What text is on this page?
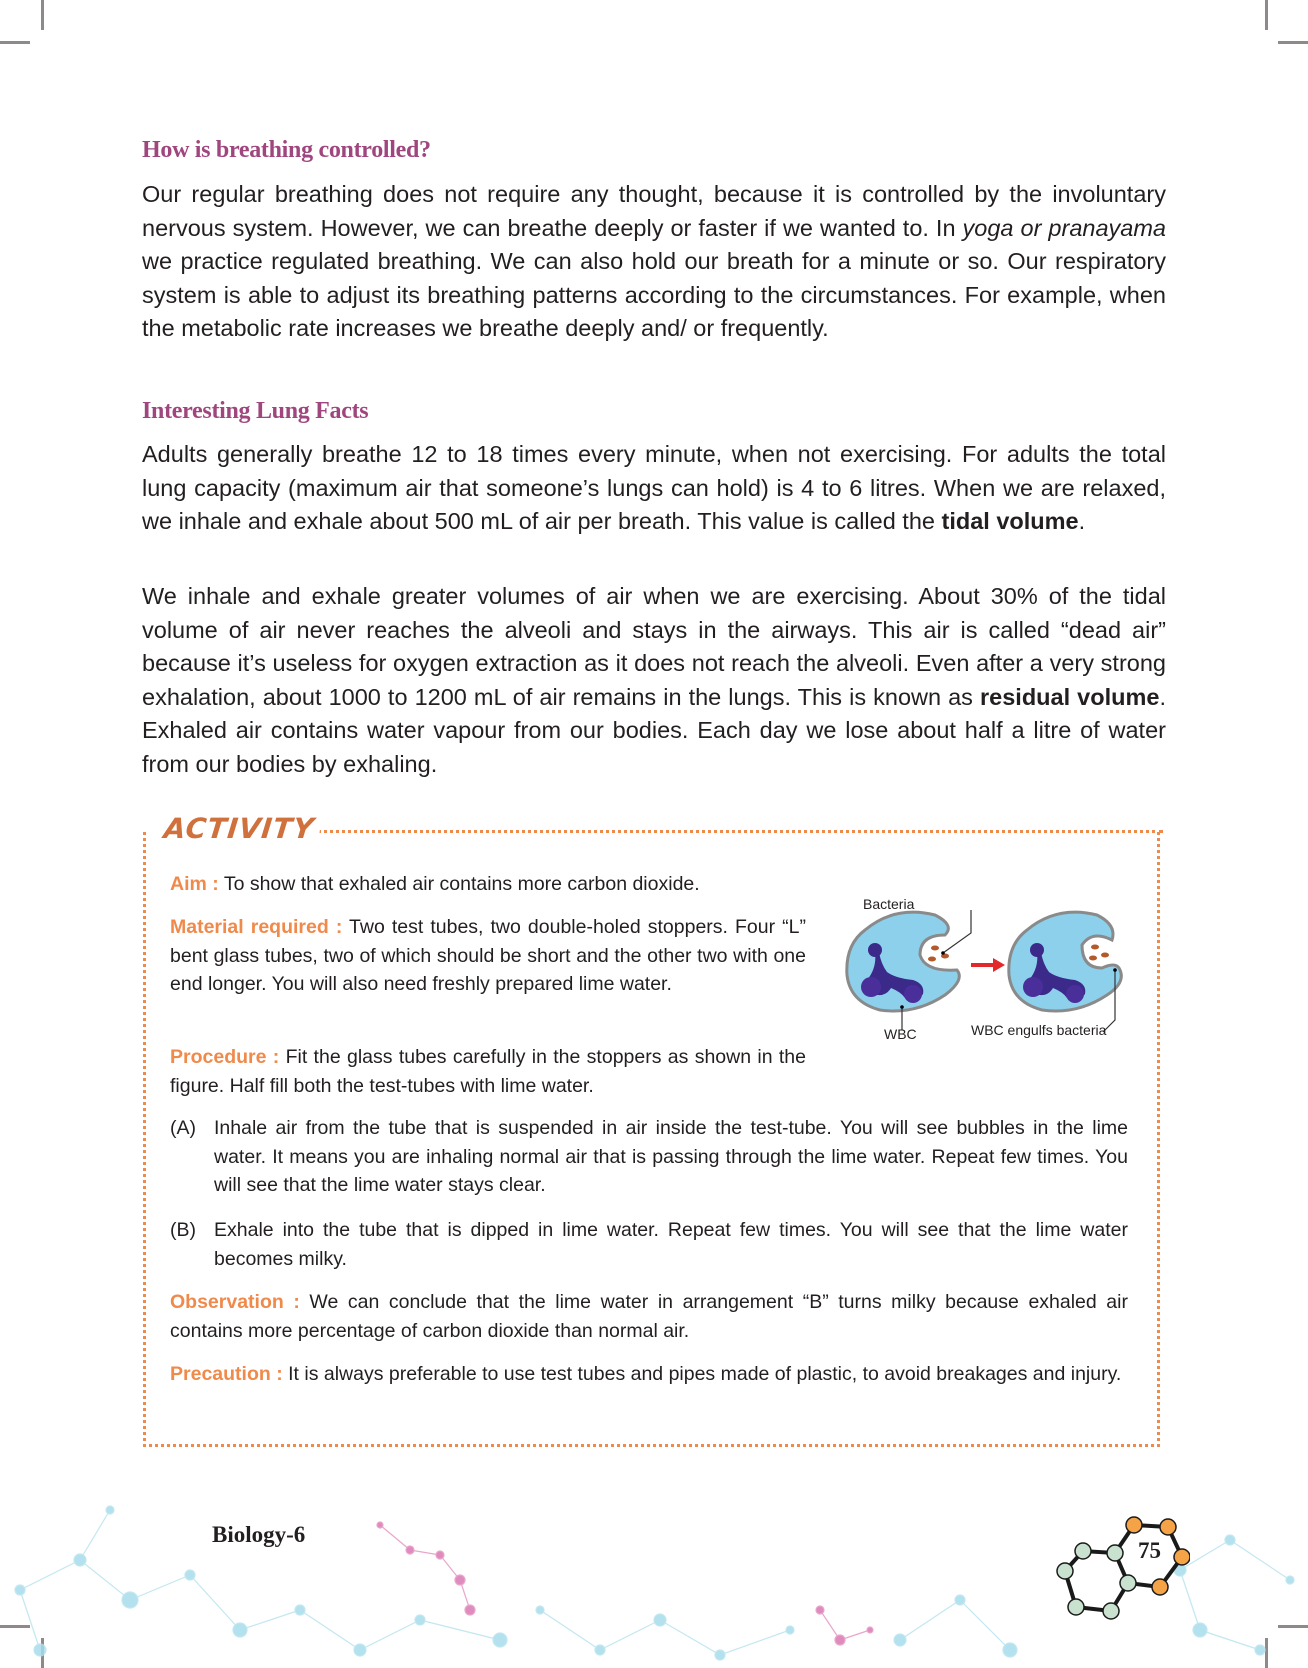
How is breathing controlled?
Our regular breathing does not require any thought, because it is controlled by the involuntary nervous system. However, we can breathe deeply or faster if we wanted to. In yoga or pranayama we practice regulated breathing. We can also hold our breath for a minute or so. Our respiratory system is able to adjust its breathing patterns according to the circumstances. For example, when the metabolic rate increases we breathe deeply and/ or frequently.
Interesting Lung Facts
Adults generally breathe 12 to 18 times every minute, when not exercising. For adults the total lung capacity (maximum air that someone’s lungs can hold) is 4 to 6 litres. When we are relaxed, we inhale and exhale about 500 mL of air per breath. This value is called the tidal volume.
We inhale and exhale greater volumes of air when we are exercising. About 30% of the tidal volume of air never reaches the alveoli and stays in the airways. This air is called “dead air” because it’s useless for oxygen extraction as it does not reach the alveoli. Even after a very strong exhalation, about 1000 to 1200 mL of air remains in the lungs. This is known as residual volume. Exhaled air contains water vapour from our bodies. Each day we lose about half a litre of water from our bodies by exhaling.
ACTIVITY
Aim : To show that exhaled air contains more carbon dioxide.
Material required : Two test tubes, two double-holed stoppers. Four “L” bent glass tubes, two of which should be short and the other two with one end longer. You will also need freshly prepared lime water.
Procedure : Fit the glass tubes carefully in the stoppers as shown in the figure. Half fill both the test-tubes with lime water.
(A) Inhale air from the tube that is suspended in air inside the test-tube. You will see bubbles in the lime water. It means you are inhaling normal air that is passing through the lime water. Repeat few times. You will see that the lime water stays clear.
(B) Exhale into the tube that is dipped in lime water. Repeat few times. You will see that the lime water becomes milky.
Observation : We can conclude that the lime water in arrangement “B” turns milky because exhaled air contains more percentage of carbon dioxide than normal air.
Precaution : It is always preferable to use test tubes and pipes made of plastic, to avoid breakages and injury.
Bacteria
WBC	WBC engulfs bacteria
Biology-6
75
